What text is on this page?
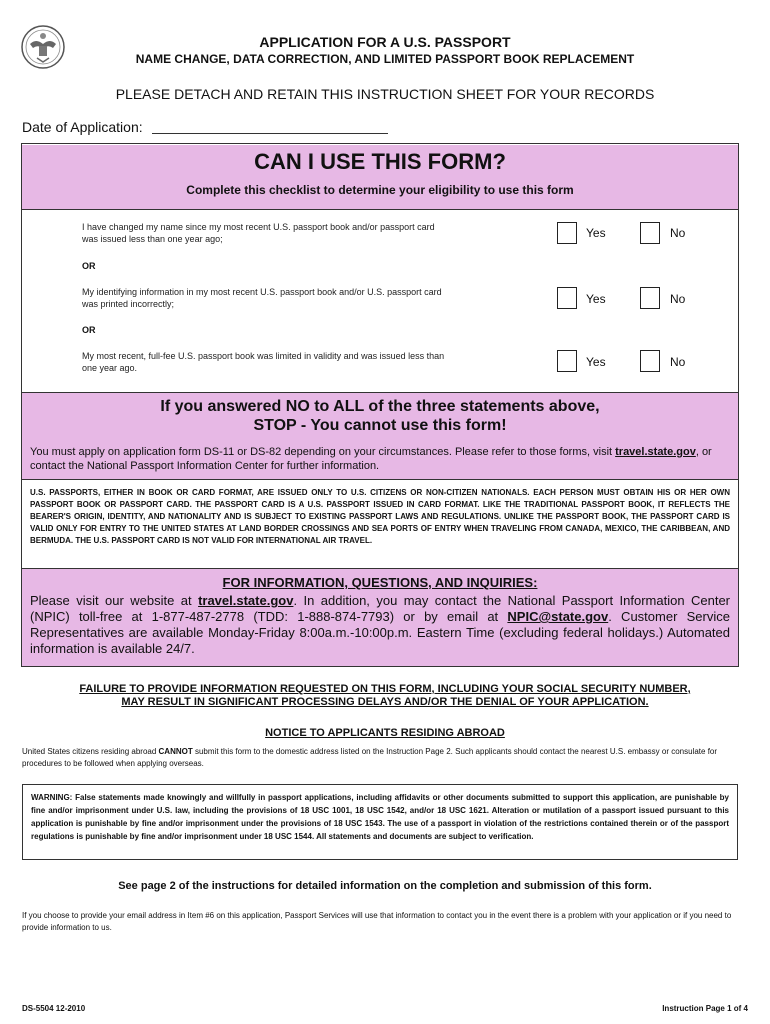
APPLICATION FOR A U.S. PASSPORT
NAME CHANGE, DATA CORRECTION, AND LIMITED PASSPORT BOOK REPLACEMENT
PLEASE DETACH AND RETAIN THIS INSTRUCTION SHEET FOR YOUR RECORDS
Date of Application:
CAN I USE THIS FORM?
Complete this checklist to determine your eligibility to use this form
I have changed my name since my most recent U.S. passport book and/or passport card was issued less than one year ago;	Yes	No
OR
My identifying information in my most recent U.S. passport book and/or U.S. passport card was printed incorrectly;	Yes	No
OR
My most recent, full-fee U.S. passport book was limited in validity and was issued less than one year ago.	Yes	No
If you answered NO to ALL of the three statements above,
STOP - You cannot use this form!
You must apply on application form DS-11 or DS-82 depending on your circumstances. Please refer to those forms, visit travel.state.gov, or contact the National Passport Information Center for further information.
U.S. PASSPORTS, EITHER IN BOOK OR CARD FORMAT, ARE ISSUED ONLY TO U.S. CITIZENS OR NON-CITIZEN NATIONALS. EACH PERSON MUST OBTAIN HIS OR HER OWN PASSPORT BOOK OR PASSPORT CARD. THE PASSPORT CARD IS A U.S. PASSPORT ISSUED IN CARD FORMAT. LIKE THE TRADITIONAL PASSPORT BOOK, IT REFLECTS THE BEARER'S ORIGIN, IDENTITY, AND NATIONALITY AND IS SUBJECT TO EXISTING PASSPORT LAWS AND REGULATIONS. UNLIKE THE PASSPORT BOOK, THE PASSPORT CARD IS VALID ONLY FOR ENTRY TO THE UNITED STATES AT LAND BORDER CROSSINGS AND SEA PORTS OF ENTRY WHEN TRAVELING FROM CANADA, MEXICO, THE CARIBBEAN, AND BERMUDA. THE U.S. PASSPORT CARD IS NOT VALID FOR INTERNATIONAL AIR TRAVEL.
FOR INFORMATION, QUESTIONS, AND INQUIRIES:
Please visit our website at travel.state.gov. In addition, you may contact the National Passport Information Center (NPIC) toll-free at 1-877-487-2778 (TDD: 1-888-874-7793) or by email at NPIC@state.gov. Customer Service Representatives are available Monday-Friday 8:00a.m.-10:00p.m. Eastern Time (excluding federal holidays.) Automated information is available 24/7.
FAILURE TO PROVIDE INFORMATION REQUESTED ON THIS FORM, INCLUDING YOUR SOCIAL SECURITY NUMBER,
MAY RESULT IN SIGNIFICANT PROCESSING DELAYS AND/OR THE DENIAL OF YOUR APPLICATION.
NOTICE TO APPLICANTS RESIDING ABROAD
United States citizens residing abroad CANNOT submit this form to the domestic address listed on the Instruction Page 2. Such applicants should contact the nearest U.S. embassy or consulate for procedures to be followed when applying overseas.
WARNING: False statements made knowingly and willfully in passport applications, including affidavits or other documents submitted to support this application, are punishable by fine and/or imprisonment under U.S. law, including the provisions of 18 USC 1001, 18 USC 1542, and/or 18 USC 1621. Alteration or mutilation of a passport issued pursuant to this application is punishable by fine and/or imprisonment under the provisions of 18 USC 1543. The use of a passport in violation of the restrictions contained therein or of the passport regulations is punishable by fine and/or imprisonment under 18 USC 1544. All statements and documents are subject to verification.
See page 2 of the instructions for detailed information on the completion and submission of this form.
If you choose to provide your email address in Item #6 on this application, Passport Services will use that information to contact you in the event there is a problem with your application or if you need to provide information to us.
DS-5504 12-2010	Instruction Page 1 of 4
